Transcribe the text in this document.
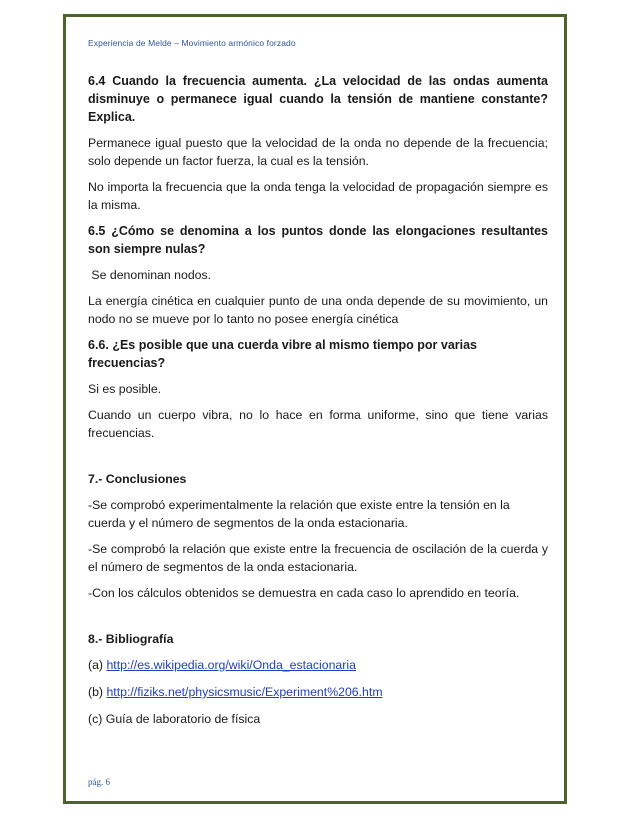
Experiencia de Melde – Movimiento armónico forzado

6.4 Cuando la frecuencia aumenta. ¿La velocidad de las ondas aumenta disminuye o permanece igual cuando la tensión de mantiene constante? Explica.

Permanece igual puesto que la velocidad de la onda no depende de la frecuencia; solo depende un factor fuerza, la cual es la tensión.

No importa la frecuencia que la onda tenga la velocidad de propagación siempre es la misma.

6.5 ¿Cómo se denomina a los puntos donde las elongaciones resultantes son siempre nulas?

Se denominan nodos.

La energía cinética en cualquier punto de una onda depende de su movimiento, un nodo no se mueve por lo tanto no posee energía cinética

6.6. ¿Es posible que una cuerda vibre al mismo tiempo por varias frecuencias?

Si es posible.

Cuando un cuerpo vibra, no lo hace en forma uniforme, sino que tiene varias frecuencias.

7.- Conclusiones

-Se comprobó experimentalmente la relación que existe entre la tensión en la cuerda y el número de segmentos de la onda estacionaria.

-Se comprobó la relación que existe entre la frecuencia de oscilación de la cuerda y el número de segmentos de la onda estacionaria.

-Con los cálculos obtenidos se demuestra en cada caso lo aprendido en teoría.

8.- Bibliografía

(a) http://es.wikipedia.org/wiki/Onda_estacionaria

(b) http://fiziks.net/physicsmusic/Experiment%206.htm

(c) Guía de laboratorio de física

pág. 6
